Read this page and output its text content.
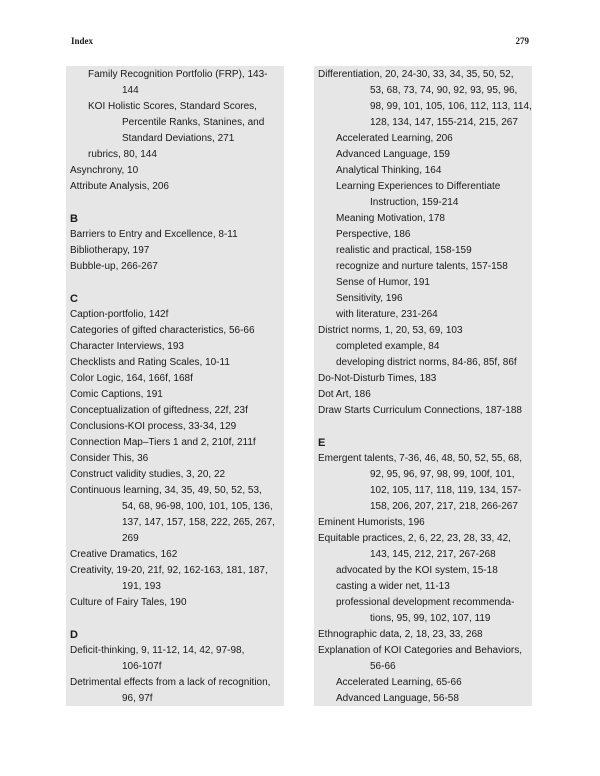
Index	279
Family Recognition Portfolio (FRP), 143-
144
KOI Holistic Scores, Standard Scores,
Percentile Ranks, Stanines, and
Standard Deviations, 271
rubrics, 80, 144
Asynchrony, 10
Attribute Analysis, 206
B
Barriers to Entry and Excellence, 8-11
Bibliotherapy, 197
Bubble-up, 266-267
C
Caption-portfolio, 142f
Categories of gifted characteristics, 56-66
Character Interviews, 193
Checklists and Rating Scales, 10-11
Color Logic, 164, 166f, 168f
Comic Captions, 191
Conceptualization of giftedness, 22f, 23f
Conclusions-KOI process, 33-34, 129
Connection Map–Tiers 1 and 2, 210f, 211f
Consider This, 36
Construct validity studies, 3, 20, 22
Continuous learning, 34, 35, 49, 50, 52, 53,
54, 68, 96-98, 100, 101, 105, 136,
137, 147, 157, 158, 222, 265, 267,
269
Creative Dramatics, 162
Creativity, 19-20, 21f, 92, 162-163, 181, 187,
191, 193
Culture of Fairy Tales, 190
D
Deficit-thinking, 9, 11-12, 14, 42, 97-98,
106-107f
Detrimental effects from a lack of recognition,
96, 97f
Differentiation, 20, 24-30, 33, 34, 35, 50, 52,
53, 68, 73, 74, 90, 92, 93, 95, 96,
98, 99, 101, 105, 106, 112, 113, 114,
128, 134, 147, 155-214, 215, 267
Accelerated Learning, 206
Advanced Language, 159
Analytical Thinking, 164
Learning Experiences to Differentiate
Instruction, 159-214
Meaning Motivation, 178
Perspective, 186
realistic and practical, 158-159
recognize and nurture talents, 157-158
Sense of Humor, 191
Sensitivity, 196
with literature, 231-264
District norms, 1, 20, 53, 69, 103
completed example, 84
developing district norms, 84-86, 85f, 86f
Do-Not-Disturb Times, 183
Dot Art, 186
Draw Starts Curriculum Connections, 187-188
E
Emergent talents, 7-36, 46, 48, 50, 52, 55, 68,
92, 95, 96, 97, 98, 99, 100f, 101,
102, 105, 117, 118, 119, 134, 157-
158, 206, 207, 217, 218, 266-267
Eminent Humorists, 196
Equitable practices, 2, 6, 22, 23, 28, 33, 42,
143, 145, 212, 217, 267-268
advocated by the KOI system, 15-18
casting a wider net, 11-13
professional development recommenda-
tions, 95, 99, 102, 107, 119
Ethnographic data, 2, 18, 23, 33, 268
Explanation of KOI Categories and Behaviors,
56-66
Accelerated Learning, 65-66
Advanced Language, 56-58
